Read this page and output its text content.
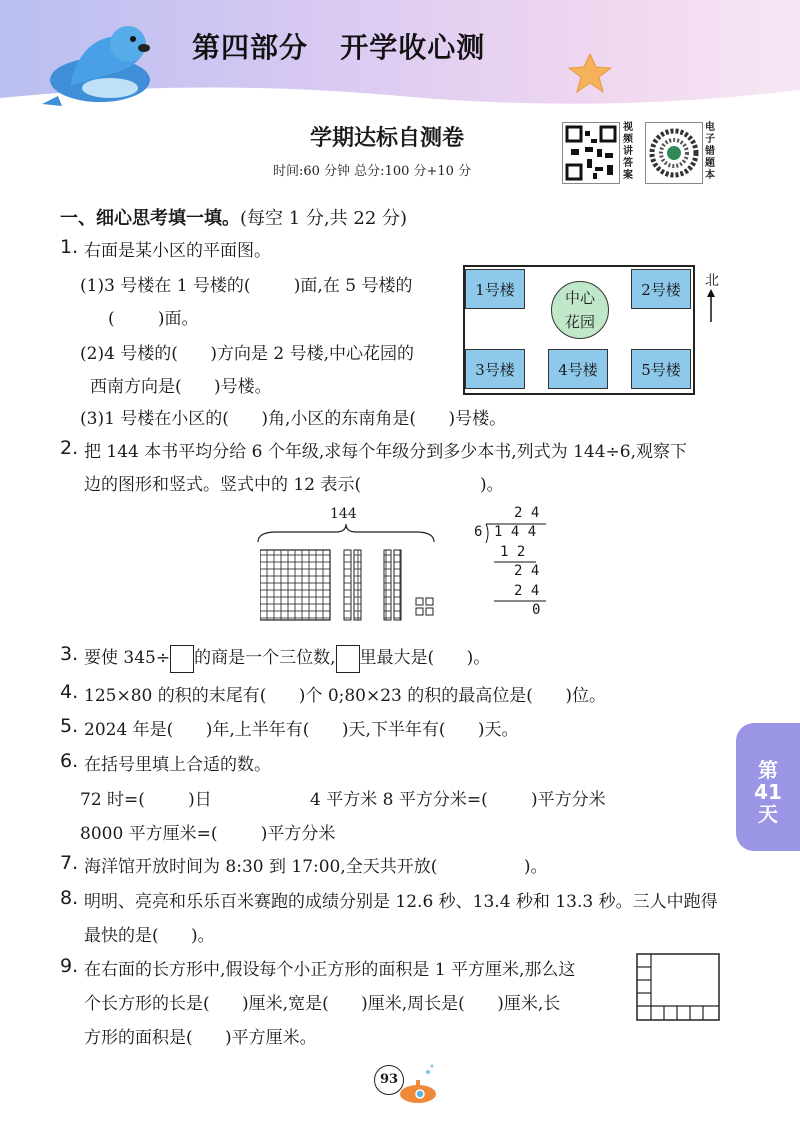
第四部分   开学收心测
学期达标自测卷
时间:60 分钟 总分:100 分+10 分
视频讲答案
电子错题本
一、细心思考填一填。(每空 1 分,共 22 分)
1. 右面是某小区的平面图。
(1)3 号楼在 1 号楼的(        )面,在 5 号楼的
(        )面。
(2)4 号楼的(      )方向是 2 号楼,中心花园的
西南方向是(      )号楼。
(3)1 号楼在小区的(      )角,小区的东南角是(      )号楼。
1号楼	2号楼
3号楼	4号楼	5号楼
中心
花园
北
2. 把 144 本书平均分给 6 个年级,求每个年级分到多少本书,列式为 144÷6,观察下
边的图形和竖式。竖式中的 12 表示(                      )。
144	2 4
6 1 4 4
1 2
2 4
2 4
0
3. 要使 345÷ 的商是一个三位数, 里最大是(      )。
4. 125×80 的积的末尾有(      )个 0;80×23 的积的最高位是(      )位。
5. 2024 年是(      )年,上半年有(      )天,下半年有(      )天。
6. 在括号里填上合适的数。
72 时=(        )日	4 平方米 8 平方分米=(        )平方分米
8000 平方厘米=(        )平方分米
7. 海洋馆开放时间为 8:30 到 17:00,全天共开放(                )。
8. 明明、亮亮和乐乐百米赛跑的成绩分别是 12.6 秒、13.4 秒和 13.3 秒。三人中跑得
最快的是(      )。
9. 在右面的长方形中,假设每个小正方形的面积是 1 平方厘米,那么这
个长方形的长是(      )厘米,宽是(      )厘米,周长是(      )厘米,长
方形的面积是(      )平方厘米。
第
41
天
93
